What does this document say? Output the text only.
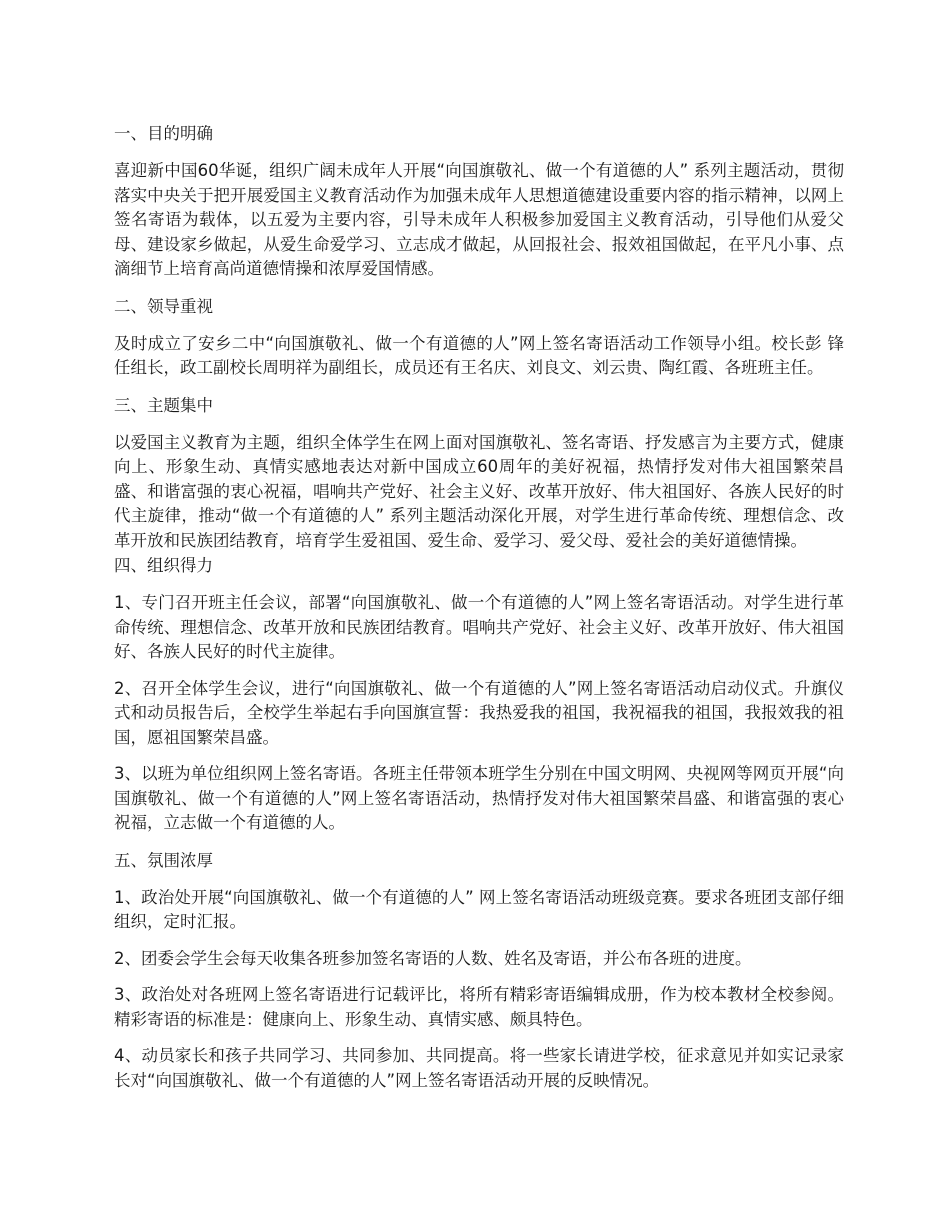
一、目的明确
喜迎新中国60华诞，组织广阔未成年人开展“向国旗敬礼、做一个有道德的人” 系列主题活动，贯彻落实中央关于把开展爱国主义教育活动作为加强未成年人思想道德建设重要内容的指示精神，以网上签名寄语为载体，以五爱为主要内容，引导未成年人积极参加爱国主义教育活动，引导他们从爱父母、建设家乡做起，从爱生命爱学习、立志成才做起，从回报社会、报效祖国做起，在平凡小事、点滴细节上培育高尚道德情操和浓厚爱国情感。
二、领导重视
及时成立了安乡二中“向国旗敬礼、做一个有道德的人”网上签名寄语活动工作领导小组。校长彭 锋任组长，政工副校长周明祥为副组长，成员还有王名庆、刘良文、刘云贵、陶红霞、各班班主任。
三、主题集中
以爱国主义教育为主题，组织全体学生在网上面对国旗敬礼、签名寄语、抒发感言为主要方式，健康向上、形象生动、真情实感地表达对新中国成立60周年的美好祝福，热情抒发对伟大祖国繁荣昌盛、和谐富强的衷心祝福，唱响共产党好、社会主义好、改革开放好、伟大祖国好、各族人民好的时代主旋律，推动“做一个有道德的人” 系列主题活动深化开展，对学生进行革命传统、理想信念、改革开放和民族团结教育，培育学生爱祖国、爱生命、爱学习、爱父母、爱社会的美好道德情操。
四、组织得力
1、专门召开班主任会议，部署“向国旗敬礼、做一个有道德的人”网上签名寄语活动。对学生进行革命传统、理想信念、改革开放和民族团结教育。唱响共产党好、社会主义好、改革开放好、伟大祖国好、各族人民好的时代主旋律。
2、召开全体学生会议，进行“向国旗敬礼、做一个有道德的人”网上签名寄语活动启动仪式。升旗仪式和动员报告后，全校学生举起右手向国旗宣誓：我热爱我的祖国，我祝福我的祖国，我报效我的祖国，愿祖国繁荣昌盛。
3、以班为单位组织网上签名寄语。各班主任带领本班学生分别在中国文明网、央视网等网页开展“向国旗敬礼、做一个有道德的人”网上签名寄语活动，热情抒发对伟大祖国繁荣昌盛、和谐富强的衷心祝福，立志做一个有道德的人。
五、氛围浓厚
1、政治处开展“向国旗敬礼、做一个有道德的人” 网上签名寄语活动班级竞赛。要求各班团支部仔细组织，定时汇报。
2、团委会学生会每天收集各班参加签名寄语的人数、姓名及寄语，并公布各班的进度。
3、政治处对各班网上签名寄语进行记载评比，将所有精彩寄语编辑成册，作为校本教材全校参阅。精彩寄语的标准是：健康向上、形象生动、真情实感、颇具特色。
4、动员家长和孩子共同学习、共同参加、共同提高。将一些家长请进学校，征求意见并如实记录家长对“向国旗敬礼、做一个有道德的人”网上签名寄语活动开展的反映情况。
